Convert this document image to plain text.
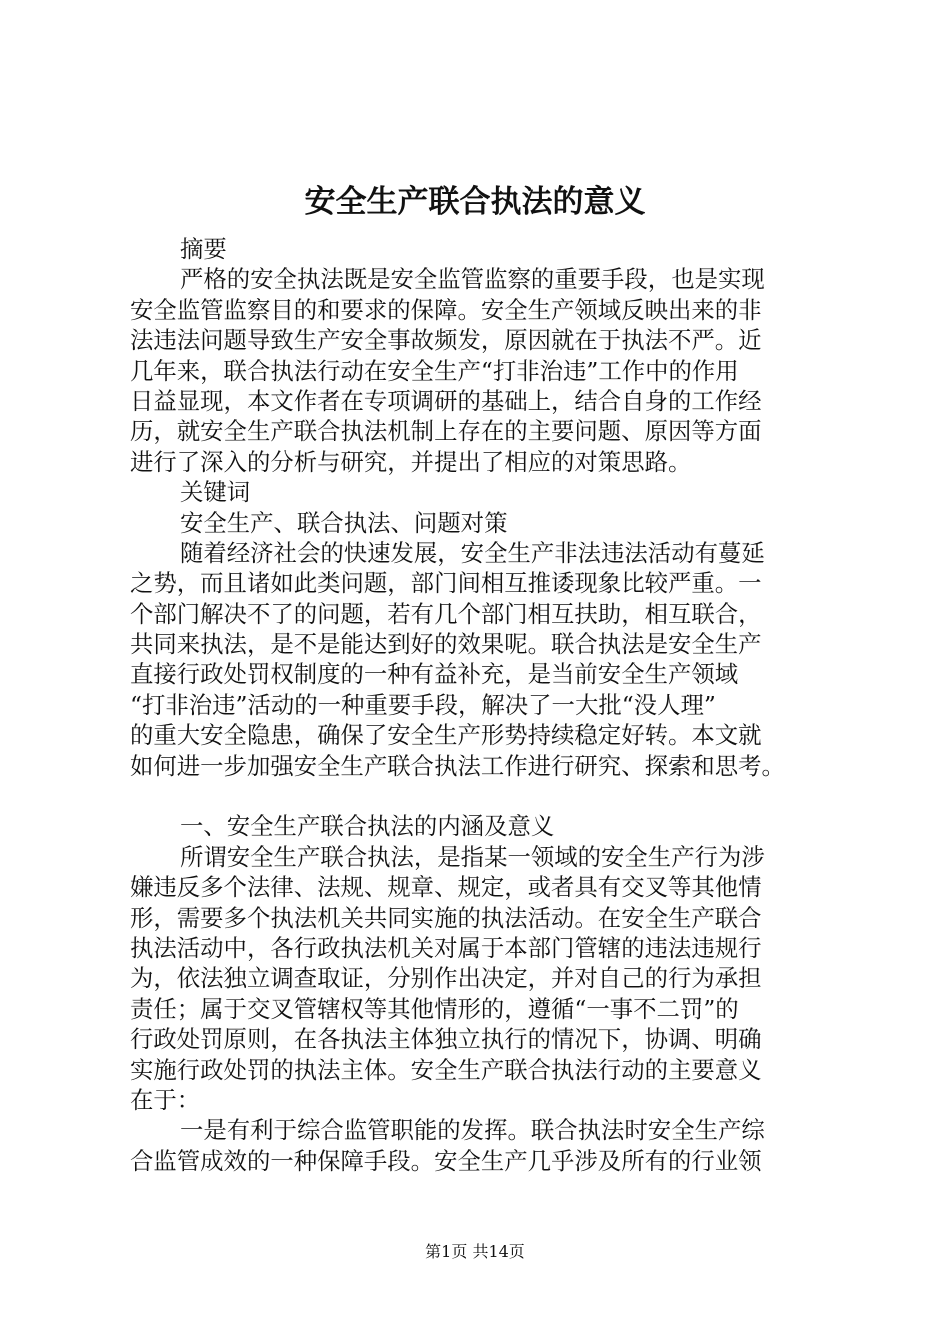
安全生产联合执法的意义
摘要
严格的安全执法既是安全监管监察的重要手段，也是实现
安全监管监察目的和要求的保障。安全生产领域反映出来的非
法违法问题导致生产安全事故频发，原因就在于执法不严。近
几年来，联合执法行动在安全生产“打非治违”工作中的作用
日益显现，本文作者在专项调研的基础上，结合自身的工作经
历，就安全生产联合执法机制上存在的主要问题、原因等方面
进行了深入的分析与研究，并提出了相应的对策思路。
关键词
安全生产、联合执法、问题对策
随着经济社会的快速发展，安全生产非法违法活动有蔓延
之势，而且诸如此类问题，部门间相互推诿现象比较严重。一
个部门解决不了的问题，若有几个部门相互扶助，相互联合，
共同来执法，是不是能达到好的效果呢。联合执法是安全生产
直接行政处罚权制度的一种有益补充，是当前安全生产领域
“打非治违”活动的一种重要手段，解决了一大批“没人理”
的重大安全隐患，确保了安全生产形势持续稳定好转。本文就
如何进一步加强安全生产联合执法工作进行研究、探索和思考。
一、安全生产联合执法的内涵及意义
所谓安全生产联合执法，是指某一领域的安全生产行为涉
嫌违反多个法律、法规、规章、规定，或者具有交叉等其他情
形，需要多个执法机关共同实施的执法活动。在安全生产联合
执法活动中，各行政执法机关对属于本部门管辖的违法违规行
为，依法独立调查取证，分别作出决定，并对自己的行为承担
责任；属于交叉管辖权等其他情形的，遵循“一事不二罚”的
行政处罚原则，在各执法主体独立执行的情况下，协调、明确
实施行政处罚的执法主体。安全生产联合执法行动的主要意义
在于：
一是有利于综合监管职能的发挥。联合执法时安全生产综
合监管成效的一种保障手段。安全生产几乎涉及所有的行业领
第1页 共14页
